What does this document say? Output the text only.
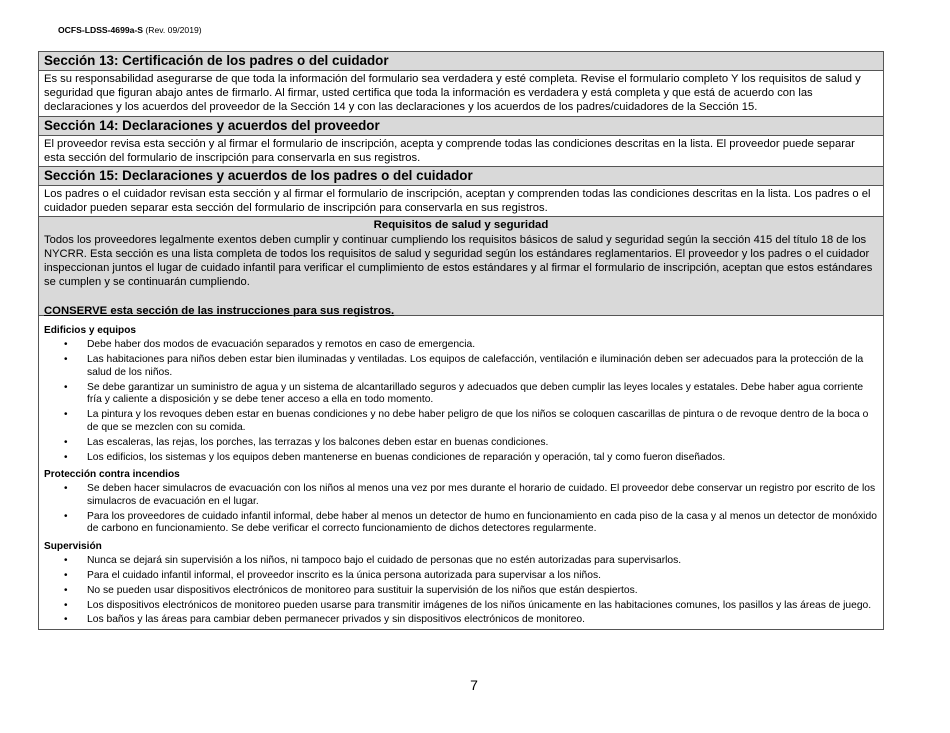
OCFS-LDSS-4699a-S (Rev. 09/2019)
Sección 13: Certificación de los padres o del cuidador
Es su responsabilidad asegurarse de que toda la información del formulario sea verdadera y esté completa. Revise el formulario completo Y los requisitos de salud y seguridad que figuran abajo antes de firmarlo. Al firmar, usted certifica que toda la información es verdadera y está completa y que está de acuerdo con las declaraciones y los acuerdos del proveedor de la Sección 14 y con las declaraciones y los acuerdos de los padres/cuidadores de la Sección 15.
Sección 14: Declaraciones y acuerdos del proveedor
El proveedor revisa esta sección y al firmar el formulario de inscripción, acepta y comprende todas las condiciones descritas en la lista. El proveedor puede separar esta sección del formulario de inscripción para conservarla en sus registros.
Sección 15: Declaraciones y acuerdos de los padres o del cuidador
Los padres o el cuidador revisan esta sección y al firmar el formulario de inscripción, aceptan y comprenden todas las condiciones descritas en la lista. Los padres o el cuidador pueden separar esta sección del formulario de inscripción para conservarla en sus registros.
Requisitos de salud y seguridad
Todos los proveedores legalmente exentos deben cumplir y continuar cumpliendo los requisitos básicos de salud y seguridad según la sección 415 del título 18 de los NYCRR. Esta sección es una lista completa de todos los requisitos de salud y seguridad según los estándares reglamentarios. El proveedor y los padres o el cuidador inspeccionan juntos el lugar de cuidado infantil para verificar el cumplimiento de estos estándares y al firmar el formulario de inscripción, aceptan que estos estándares se cumplen y se continuarán cumpliendo.
CONSERVE esta sección de las instrucciones para sus registros.
Edificios y equipos
• Debe haber dos modos de evacuación separados y remotos en caso de emergencia.
• Las habitaciones para niños deben estar bien iluminadas y ventiladas. Los equipos de calefacción, ventilación e iluminación deben ser adecuados para la protección de la salud de los niños.
• Se debe garantizar un suministro de agua y un sistema de alcantarillado seguros y adecuados que deben cumplir las leyes locales y estatales. Debe haber agua corriente fría y caliente a disposición y se debe tener acceso a ella en todo momento.
• La pintura y los revoques deben estar en buenas condiciones y no debe haber peligro de que los niños se coloquen cascarillas de pintura o de revoque dentro de la boca o de que se mezclen con su comida.
• Las escaleras, las rejas, los porches, las terrazas y los balcones deben estar en buenas condiciones.
• Los edificios, los sistemas y los equipos deben mantenerse en buenas condiciones de reparación y operación, tal y como fueron diseñados.
Protección contra incendios
• Se deben hacer simulacros de evacuación con los niños al menos una vez por mes durante el horario de cuidado. El proveedor debe conservar un registro por escrito de los simulacros de evacuación en el lugar.
• Para los proveedores de cuidado infantil informal, debe haber al menos un detector de humo en funcionamiento en cada piso de la casa y al menos un detector de monóxido de carbono en funcionamiento. Se debe verificar el correcto funcionamiento de dichos detectores regularmente.
Supervisión
• Nunca se dejará sin supervisión a los niños, ni tampoco bajo el cuidado de personas que no estén autorizadas para supervisarlos.
• Para el cuidado infantil informal, el proveedor inscrito es la única persona autorizada para supervisar a los niños.
• No se pueden usar dispositivos electrónicos de monitoreo para sustituir la supervisión de los niños que están despiertos.
• Los dispositivos electrónicos de monitoreo pueden usarse para transmitir imágenes de los niños únicamente en las habitaciones comunes, los pasillos y las áreas de juego.
• Los baños y las áreas para cambiar deben permanecer privados y sin dispositivos electrónicos de monitoreo.
7
